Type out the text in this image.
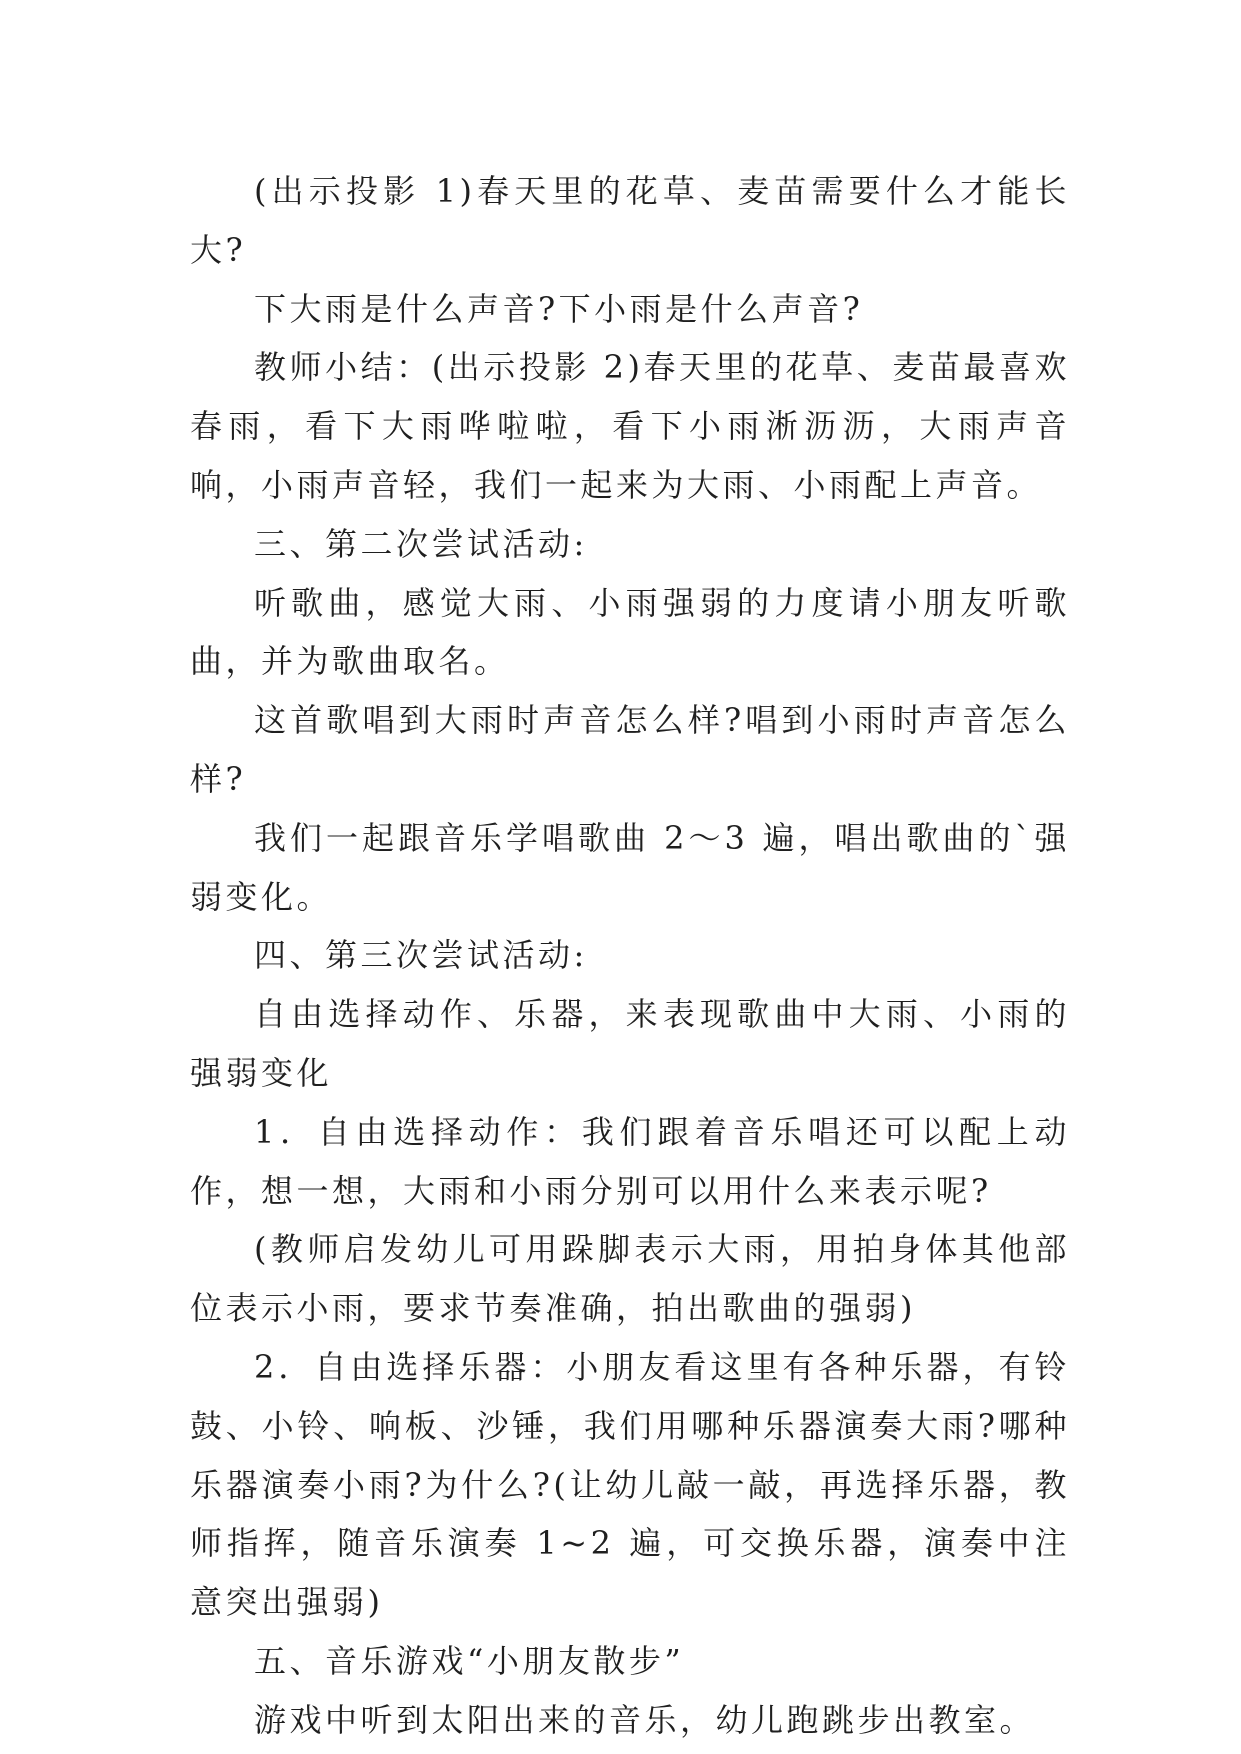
(出示投影 1)春天里的花草、麦苗需要什么才能长大?

下大雨是什么声音?下小雨是什么声音?

教师小结：(出示投影 2)春天里的花草、麦苗最喜欢春雨，看下大雨哗啦啦，看下小雨淅沥沥，大雨声音响，小雨声音轻，我们一起来为大雨、小雨配上声音。

三、第二次尝试活动:

听歌曲，感觉大雨、小雨强弱的力度请小朋友听歌曲，并为歌曲取名。

这首歌唱到大雨时声音怎么样?唱到小雨时声音怎么样?

我们一起跟音乐学唱歌曲 2～3 遍，唱出歌曲的`强弱变化。

四、第三次尝试活动:

自由选择动作、乐器，来表现歌曲中大雨、小雨的强弱变化

1．自由选择动作：我们跟着音乐唱还可以配上动作，想一想，大雨和小雨分别可以用什么来表示呢?

(教师启发幼儿可用跺脚表示大雨，用拍身体其他部位表示小雨，要求节奏准确，拍出歌曲的强弱)

2．自由选择乐器：小朋友看这里有各种乐器，有铃鼓、小铃、响板、沙锤，我们用哪种乐器演奏大雨?哪种乐器演奏小雨?为什么?(让幼儿敲一敲，再选择乐器，教师指挥，随音乐演奏 1~2 遍，可交换乐器，演奏中注意突出强弱)

五、音乐游戏“小朋友散步”

游戏中听到太阳出来的音乐，幼儿跑跳步出教室。
